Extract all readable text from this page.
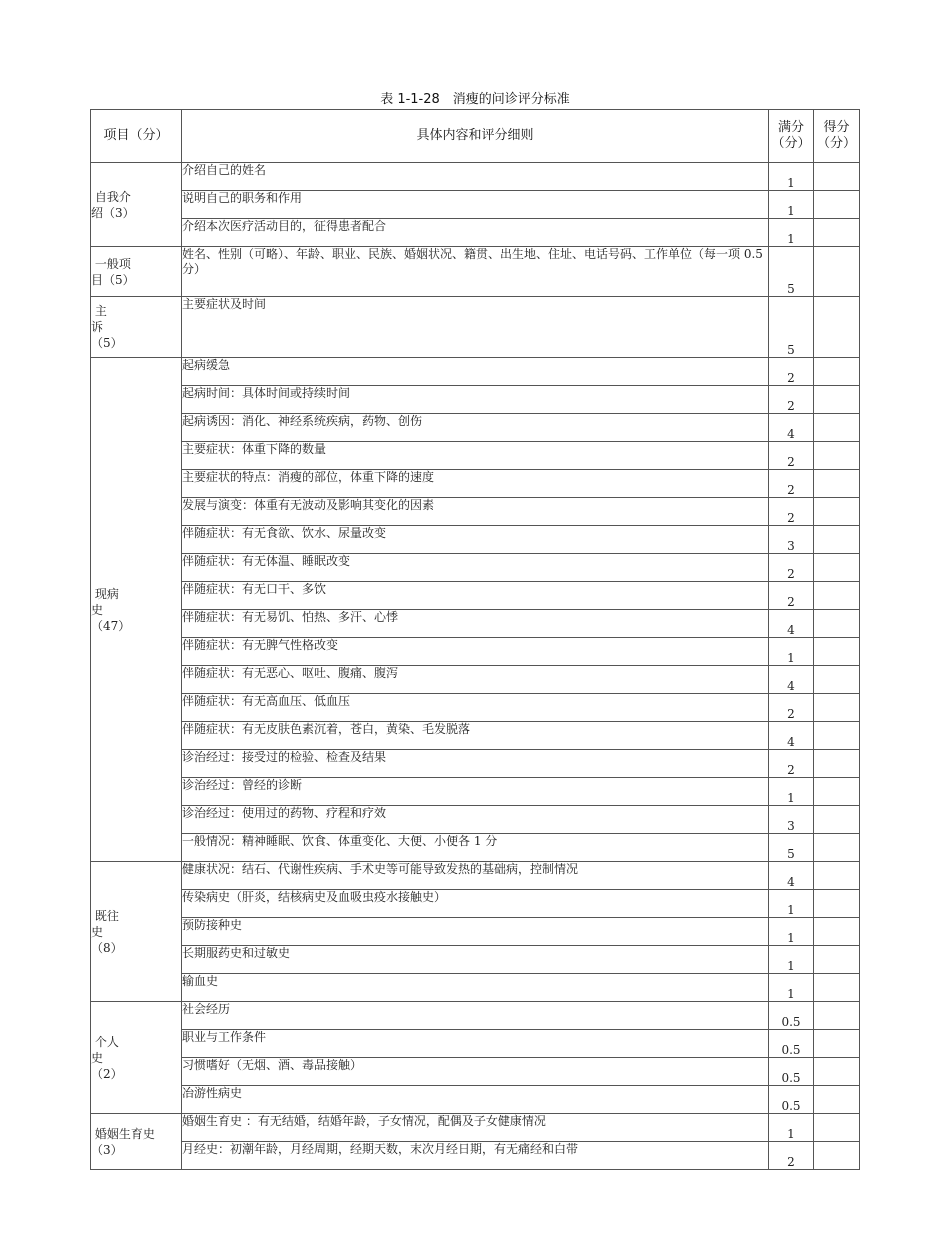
表 1-1-28　消瘦的问诊评分标准
项目（分）	具体内容和评分细则	满分（分）	得分（分）
自我介
绍（3）	介绍自己的姓名	1	
	说明自己的职务和作用	1	
	介绍本次医疗活动目的，征得患者配合	1	
一般项
目（5）	姓名、性别（可略）、年龄、职业、民族、婚姻状况、籍贯、出生地、住址、电话号码、工作单位（每一项 0.5 分）	5	
主
诉
（5）	主要症状及时间	5	
现病
史
（47）	起病缓急	2	
	起病时间：具体时间或持续时间	2	
	起病诱因：消化、神经系统疾病，药物、创伤	4	
	主要症状：体重下降的数量	2	
	主要症状的特点：消瘦的部位，体重下降的速度	2	
	发展与演变：体重有无波动及影响其变化的因素	2	
	伴随症状：有无食欲、饮水、尿量改变	3	
	伴随症状：有无体温、睡眠改变	2	
	伴随症状：有无口干、多饮	2	
	伴随症状：有无易饥、怕热、多汗、心悸	4	
	伴随症状：有无脾气性格改变	1	
	伴随症状：有无恶心、呕吐、腹痛、腹泻	4	
	伴随症状：有无高血压、低血压	2	
	伴随症状：有无皮肤色素沉着，苍白，黄染、毛发脱落	4	
	诊治经过：接受过的检验、检查及结果	2	
	诊治经过：曾经的诊断	1	
	诊治经过：使用过的药物、疗程和疗效	3	
	一般情况：精神睡眠、饮食、体重变化、大便、小便各 1 分	5	
既往
史
（8）	健康状况：结石、代谢性疾病、手术史等可能导致发热的基础病，控制情况	4	
	传染病史（肝炎，结核病史及血吸虫疫水接触史）	1	
	预防接种史	1	
	长期服药史和过敏史	1	
	输血史	1	
个人
史
（2）	社会经历	0.5	
	职业与工作条件	0.5	
	习惯嗜好（无烟、酒、毒品接触）	0.5	
	冶游性病史	0.5	
婚姻生育史
（3）	婚姻生育史 ：有无结婚，结婚年龄，子女情况，配偶及子女健康情况	1	
	月经史：初潮年龄，月经周期，经期天数，末次月经日期，有无痛经和白带	2	
